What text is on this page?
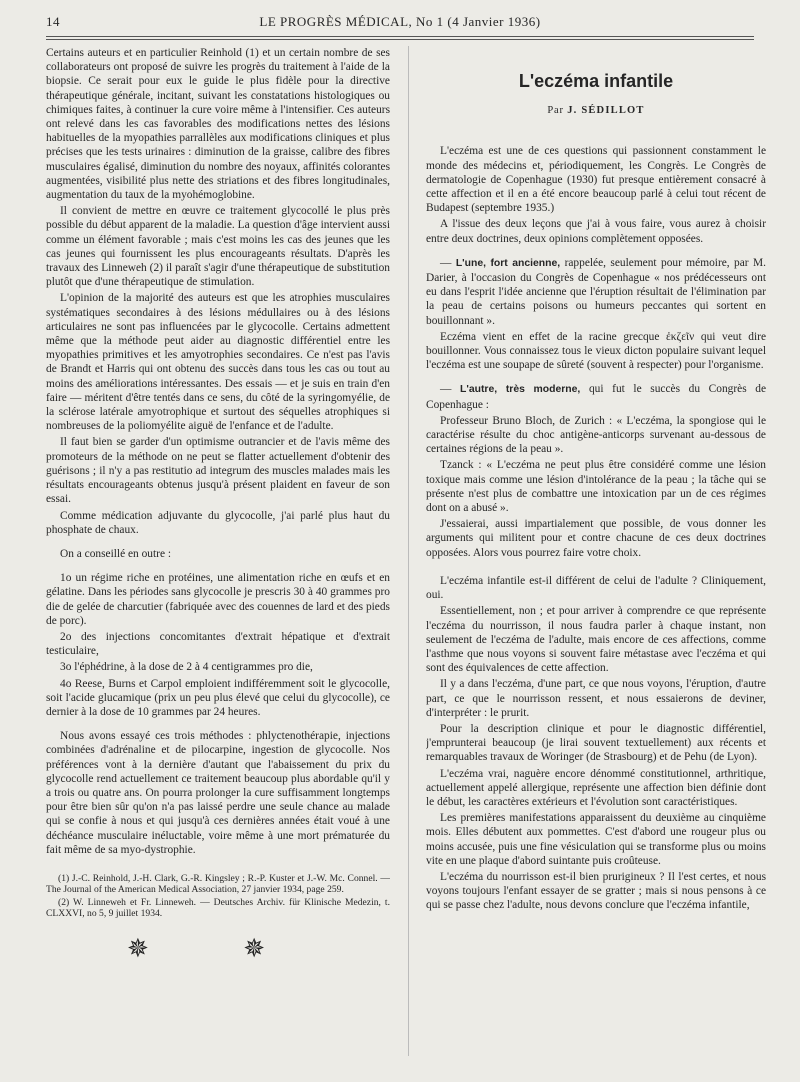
14	LE PROGRÈS MÉDICAL, No 1 (4 Janvier 1936)

Certains auteurs et en particulier Reinhold (1) et un certain nombre de ses collaborateurs ont proposé de suivre les progrès du traitement à l'aide de la biopsie. Ce serait pour eux le guide le plus fidèle pour la directive thérapeutique générale, incitant, suivant les constatations histologiques ou chimiques faites, à continuer la cure voire même à l'intensifier. Ces auteurs ont relevé dans les cas favorables des modifications nettes des lésions habituelles de la myopathies parrallèles aux modifications cliniques et plus précises que les tests urinaires : diminution de la graisse, calibre des fibres musculaires égalisé, diminution du nombre des noyaux, affinités colorantes augmentées, visibilité plus nette des striations et des fibres longitudinales, augmentation du taux de la myohémoglobine.

Il convient de mettre en œuvre ce traitement glycocollé le plus près possible du début apparent de la maladie. La question d'âge intervient aussi comme un élément favorable ; mais c'est moins les cas des jeunes que les cas jeunes qui fournissent les plus encourageants résultats. D'après les travaux des Linneweh (2) il paraît s'agir d'une thérapeutique de substitution plutôt que d'une thérapeutique de stimulation.

L'opinion de la majorité des auteurs est que les atrophies musculaires systématiques secondaires à des lésions médullaires ou à des lésions articulaires ne sont pas influencées par le glycocolle. Certains admettent même que la méthode peut aider au diagnostic différentiel entre les myopathies primitives et les amyotrophies secondaires. Ce n'est pas l'avis de Brandt et Harris qui ont obtenu des succès dans tous les cas ou tout au moins des améliorations intéressantes. Des essais — et je suis en train d'en faire — méritent d'être tentés dans ce sens, du côté de la syringomyélie, de la sclérose latérale amyotrophique et surtout des séquelles atrophiques si nombreuses de la poliomyélite aiguë de l'enfance et de l'adulte.

Il faut bien se garder d'un optimisme outrancier et de l'avis même des promoteurs de la méthode on ne peut se flatter actuellement d'obtenir des guérisons ; il n'y a pas restitutio ad integrum des muscles malades mais les résultats encourageants obtenus jusqu'à présent plaident en faveur de son essai.

Comme médication adjuvante du glycocolle, j'ai parlé plus haut du phosphate de chaux.

On a conseillé en outre :

1o un régime riche en protéines, une alimentation riche en œufs et en gélatine. Dans les périodes sans glycocolle je prescris 30 à 40 grammes pro die de gelée de charcutier (fabriquée avec des couennes de lard et des pieds de porc).

2o des injections concomitantes d'extrait hépatique et d'extrait testiculaire,

3o l'éphédrine, à la dose de 2 à 4 centigrammes pro die,

4o Reese, Burns et Carpol emploient indifféremment soit le glycocolle, soit l'acide glucamique (prix un peu plus élevé que celui du glycocolle), ce dernier à la dose de 10 grammes par 24 heures.

Nous avons essayé ces trois méthodes : phlyctenothérapie, injections combinées d'adrénaline et de pilocarpine, ingestion de glycocolle. Nos préférences vont à la dernière d'autant que l'abaissement du prix du glycocolle rend actuellement ce traitement beaucoup plus abordable qu'il y a trois ou quatre ans. On pourra prolonger la cure suffisamment longtemps pour être bien sûr qu'on n'a pas laissé perdre une seule chance au malade qui se confie à nous et qui jusqu'à ces dernières années était voué à une déchéance musculaire inéluctable, voire même à une mort prématurée du fait même de sa myo-dystrophie.

(1) J.-C. Reinhold, J.-H. Clark, G.-R. Kingsley ; R.-P. Kuster et J.-W. Mc. Connel. — The Journal of the American Medical Association, 27 janvier 1934, page 259.

(2) W. Linneweh et Fr. Linneweh. — Deutsches Archiv. für Klinische Medezin, t. CLXXVI, no 5, 9 juillet 1934.

✵ ✵
L'eczéma infantile
Par J. SÉDILLOT

L'eczéma est une de ces questions qui passionnent constamment le monde des médecins et, périodiquement, les Congrès. Le Congrès de dermatologie de Copenhague (1930) fut presque entièrement consacré à cette affection et il en a été encore beaucoup parlé à celui tout récent de Budapest (septembre 1935.)

A l'issue des deux leçons que j'ai à vous faire, vous aurez à choisir entre deux doctrines, deux opinions complètement opposées.

— L'une, fort ancienne, rappelée, seulement pour mémoire, par M. Darier, à l'occasion du Congrès de Copenhague « nos prédécesseurs ont eu dans l'esprit l'idée ancienne que l'éruption résultait de l'élimination par la peau de certains poisons ou humeurs peccantes qui sortent en bouillonnant ».

Eczéma vient en effet de la racine grecque ἐκζεῖν qui veut dire bouillonner. Vous connaissez tous le vieux dicton populaire suivant lequel l'eczéma est une soupape de sûreté (souvent à respecter) pour l'organisme.

— L'autre, très moderne, qui fut le succès du Congrès de Copenhague :

Professeur Bruno Bloch, de Zurich : « L'eczéma, la spongiose qui le caractérise résulte du choc antigène-anticorps survenant au-dessous de certaines régions de la peau ».

Tzanck : « L'eczéma ne peut plus être considéré comme une lésion toxique mais comme une lésion d'intolérance de la peau ; la tâche qui se présente n'est plus de combattre une intoxication par un de ces régimes dont on a abusé ».

J'essaierai, aussi impartialement que possible, de vous donner les arguments qui militent pour et contre chacune de ces deux doctrines opposées. Alors vous pourrez faire votre choix.

L'eczéma infantile est-il différent de celui de l'adulte ? Cliniquement, oui.

Essentiellement, non ; et pour arriver à comprendre ce que représente l'eczéma du nourrisson, il nous faudra parler à chaque instant, non seulement de l'eczéma de l'adulte, mais encore de ces affections, comme l'asthme que nous voyons si souvent faire métastase avec l'eczéma et qui sont des équivalences de cette affection.

Il y a dans l'eczéma, d'une part, ce que nous voyons, l'éruption, d'autre part, ce que le nourrisson ressent, et nous essaierons de deviner, d'interpréter : le prurit.

Pour la description clinique et pour le diagnostic différentiel, j'emprunterai beaucoup (je lirai souvent textuellement) aux récents et remarquables travaux de Woringer (de Strasbourg) et de Pehu (de Lyon).

L'eczéma vrai, naguère encore dénommé constitutionnel, arthritique, actuellement appelé allergique, représente une affection bien définie dont le début, les caractères extérieurs et l'évolution sont caractéristiques.

Les premières manifestations apparaissent du deuxième au cinquième mois. Elles débutent aux pommettes. C'est d'abord une rougeur plus ou moins accusée, puis une fine vésiculation qui se transforme plus ou moins vite en une plaque d'abord suintante puis croûteuse.

L'eczéma du nourrisson est-il bien prurigineux ? Il l'est certes, et nous voyons toujours l'enfant essayer de se gratter ; mais si nous pensons à ce qui se passe chez l'adulte, nous devons conclure que l'eczéma infantile,
